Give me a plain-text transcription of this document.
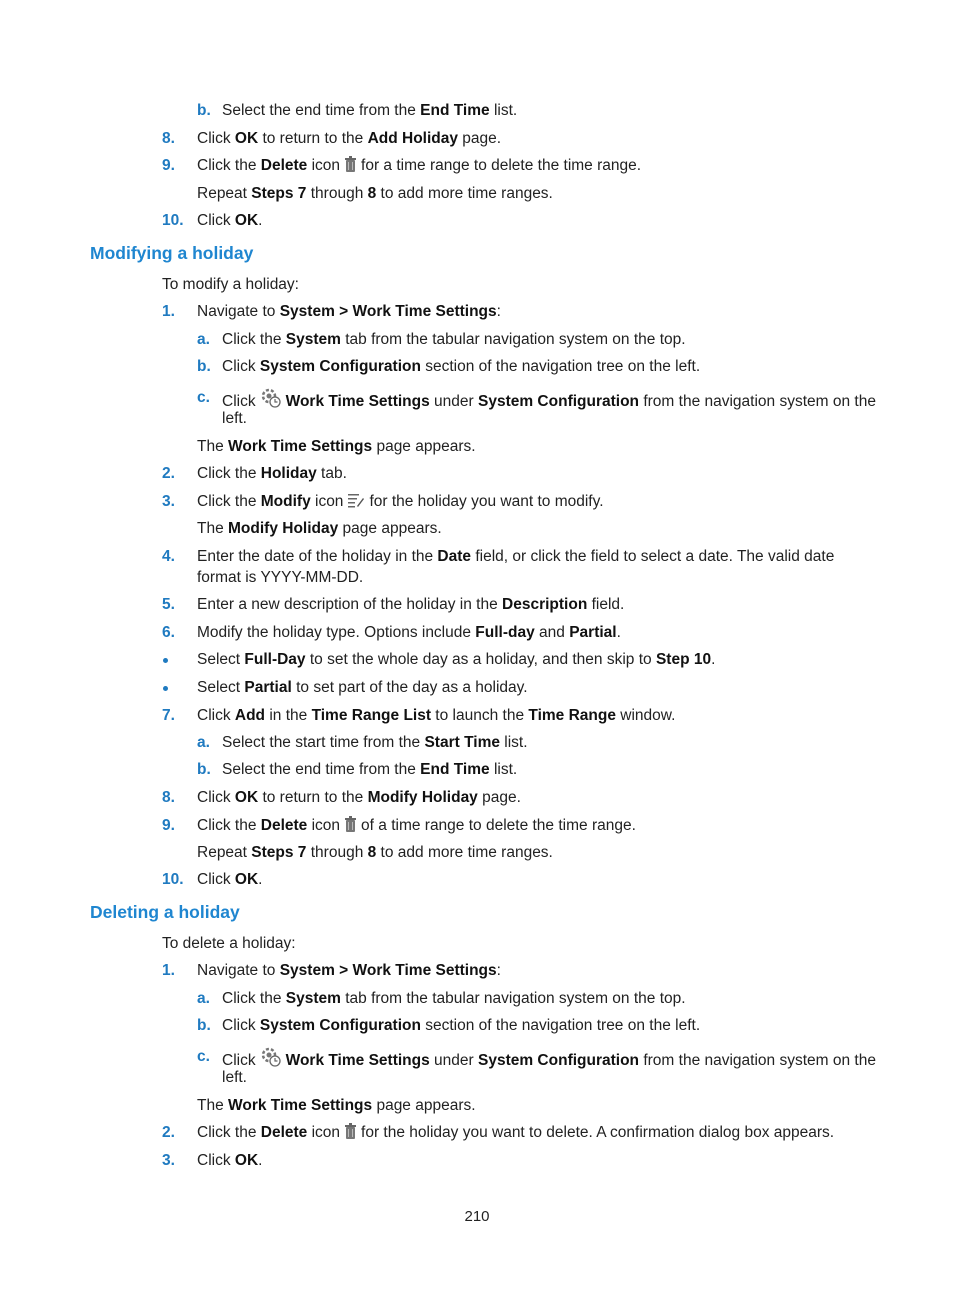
b. Select the end time from the End Time list.
8. Click OK to return to the Add Holiday page.
9. Click the Delete icon for a time range to delete the time range.
Repeat Steps 7 through 8 to add more time ranges.
10. Click OK.
Modifying a holiday
To modify a holiday:
1. Navigate to System > Work Time Settings:
a. Click the System tab from the tabular navigation system on the top.
b. Click System Configuration section of the navigation tree on the left.
c. Click Work Time Settings under System Configuration from the navigation system on the
left.
The Work Time Settings page appears.
2. Click the Holiday tab.
3. Click the Modify icon for the holiday you want to modify.
The Modify Holiday page appears.
4. Enter the date of the holiday in the Date field, or click the field to select a date. The valid date
format is YYYY-MM-DD.
5. Enter a new description of the holiday in the Description field.
6. Modify the holiday type. Options include Full-day and Partial.
Select Full-Day to set the whole day as a holiday, and then skip to Step 10.
Select Partial to set part of the day as a holiday.
7. Click Add in the Time Range List to launch the Time Range window.
a. Select the start time from the Start Time list.
b. Select the end time from the End Time list.
8. Click OK to return to the Modify Holiday page.
9. Click the Delete icon of a time range to delete the time range.
Repeat Steps 7 through 8 to add more time ranges.
10. Click OK.
Deleting a holiday
To delete a holiday:
1. Navigate to System > Work Time Settings:
a. Click the System tab from the tabular navigation system on the top.
b. Click System Configuration section of the navigation tree on the left.
c. Click Work Time Settings under System Configuration from the navigation system on the
left.
The Work Time Settings page appears.
2. Click the Delete icon for the holiday you want to delete. A confirmation dialog box appears.
3. Click OK.
210
